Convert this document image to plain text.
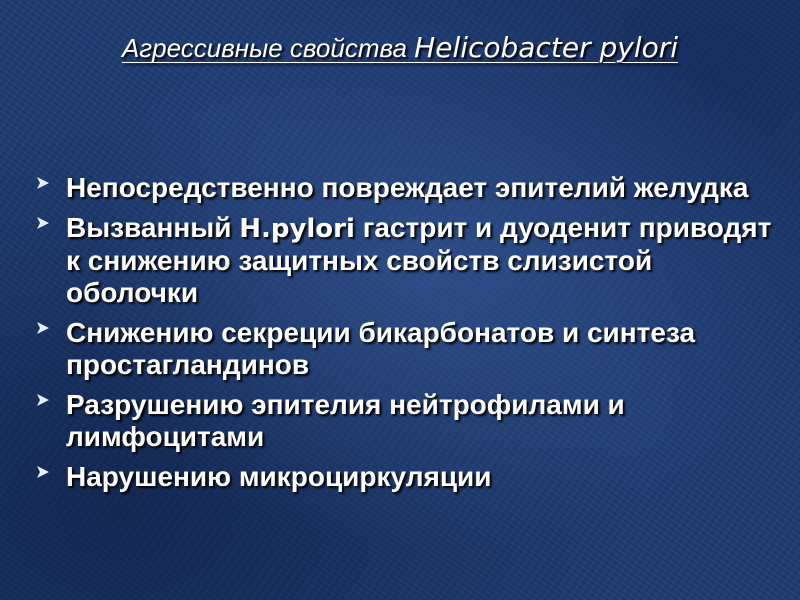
Агрессивные свойства Helicobacter pylori
Непосредственно повреждает эпителий желудка
Вызванный H.pylori гастрит и дуоденит приводят к снижению защитных свойств слизистой оболочки
Снижению секреции бикарбонатов и синтеза простагландинов
Разрушению эпителия нейтрофилами и лимфоцитами
Нарушению микроциркуляции
